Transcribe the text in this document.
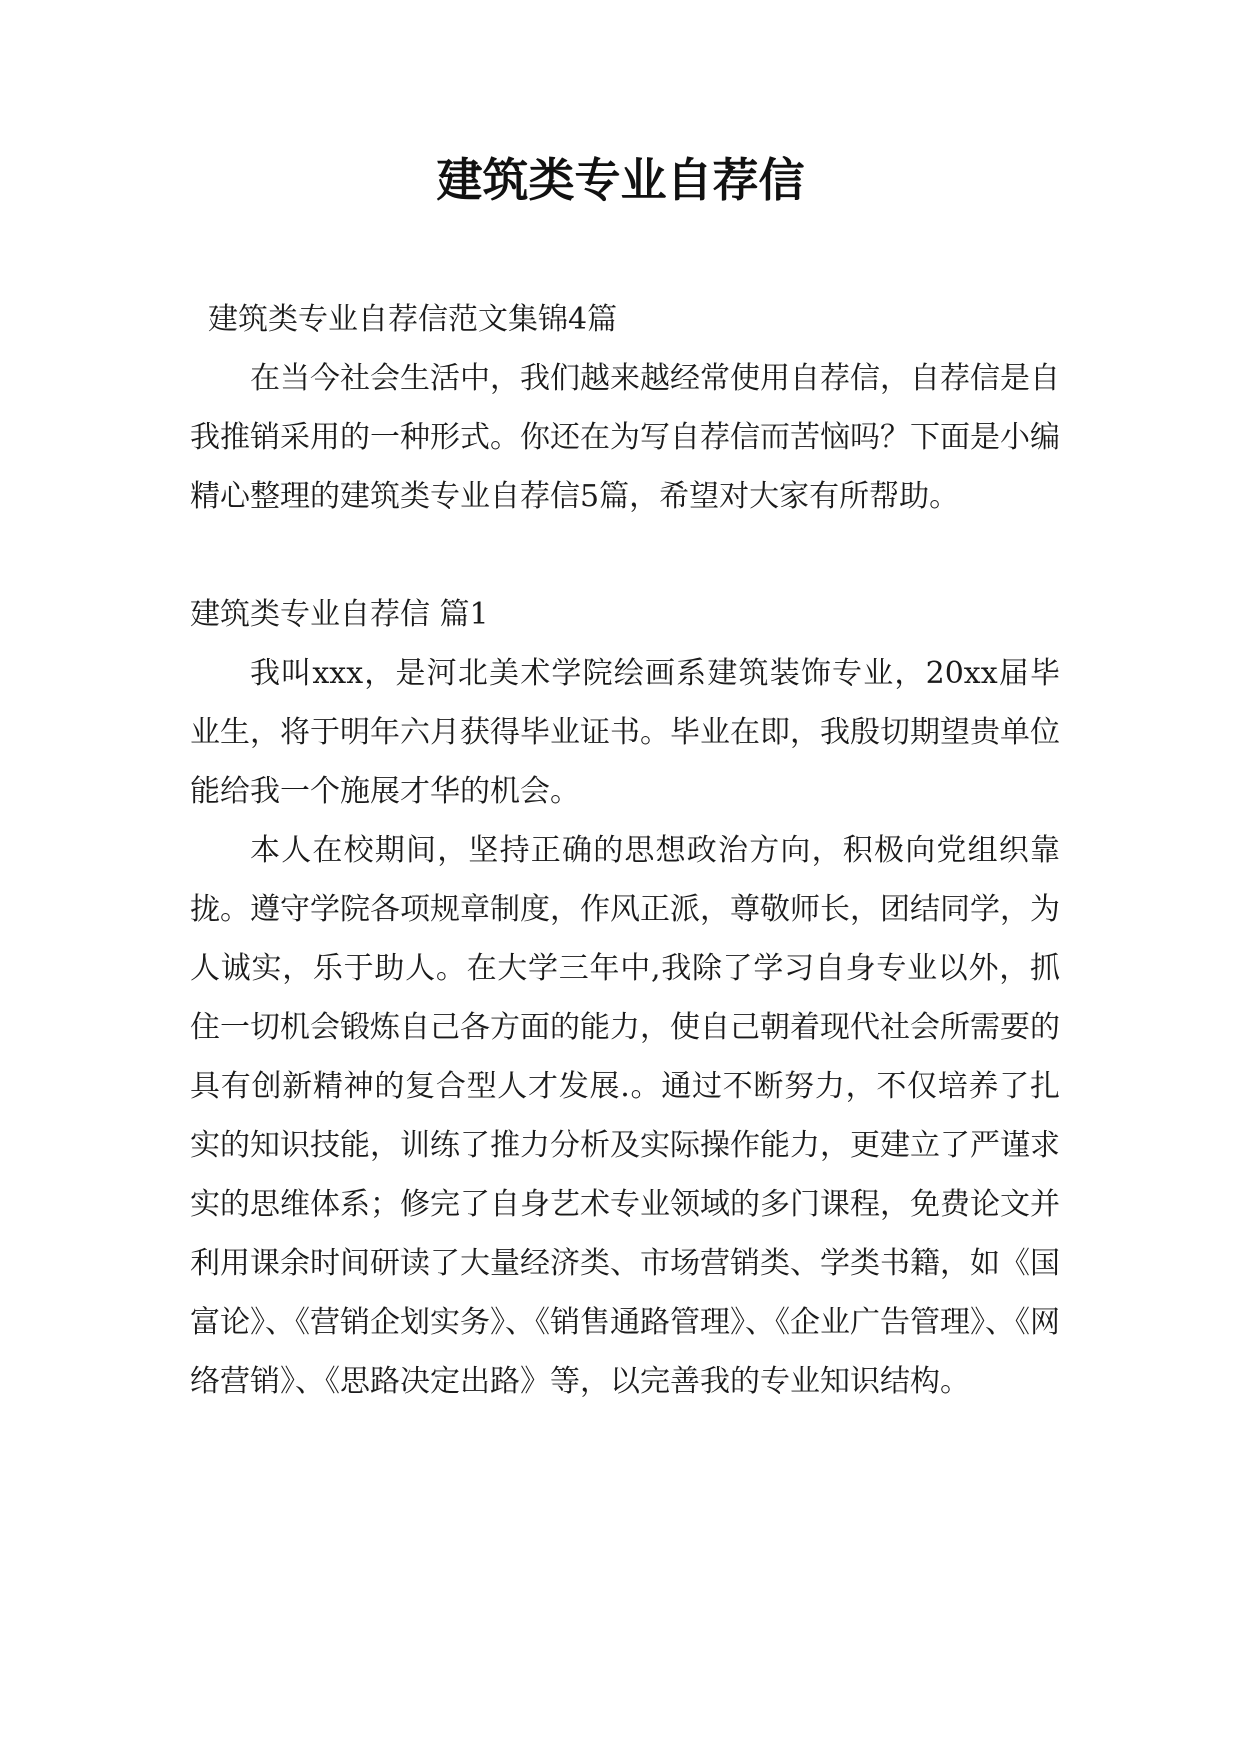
建筑类专业自荐信

建筑类专业自荐信范文集锦4篇

在当今社会生活中，我们越来越经常使用自荐信，自荐信是自我推销采用的一种形式。你还在为写自荐信而苦恼吗？下面是小编精心整理的建筑类专业自荐信5篇，希望对大家有所帮助。

建筑类专业自荐信 篇1

我叫xxx，是河北美术学院绘画系建筑装饰专业，20xx届毕业生，将于明年六月获得毕业证书。毕业在即，我殷切期望贵单位能给我一个施展才华的机会。

本人在校期间，坚持正确的思想政治方向，积极向党组织靠拢。遵守学院各项规章制度，作风正派，尊敬师长，团结同学，为人诚实，乐于助人。在大学三年中,我除了学习自身专业以外，抓住一切机会锻炼自己各方面的能力，使自己朝着现代社会所需要的具有创新精神的复合型人才发展.。通过不断努力，不仅培养了扎实的知识技能，训练了推力分析及实际操作能力，更建立了严谨求实的思维体系；修完了自身艺术专业领域的多门课程，免费论文并利用课余时间研读了大量经济类、市场营销类、学类书籍，如《国富论》、《营销企划实务》、《销售通路管理》、《企业广告管理》、《网络营销》、《思路决定出路》等，以完善我的专业知识结构。
